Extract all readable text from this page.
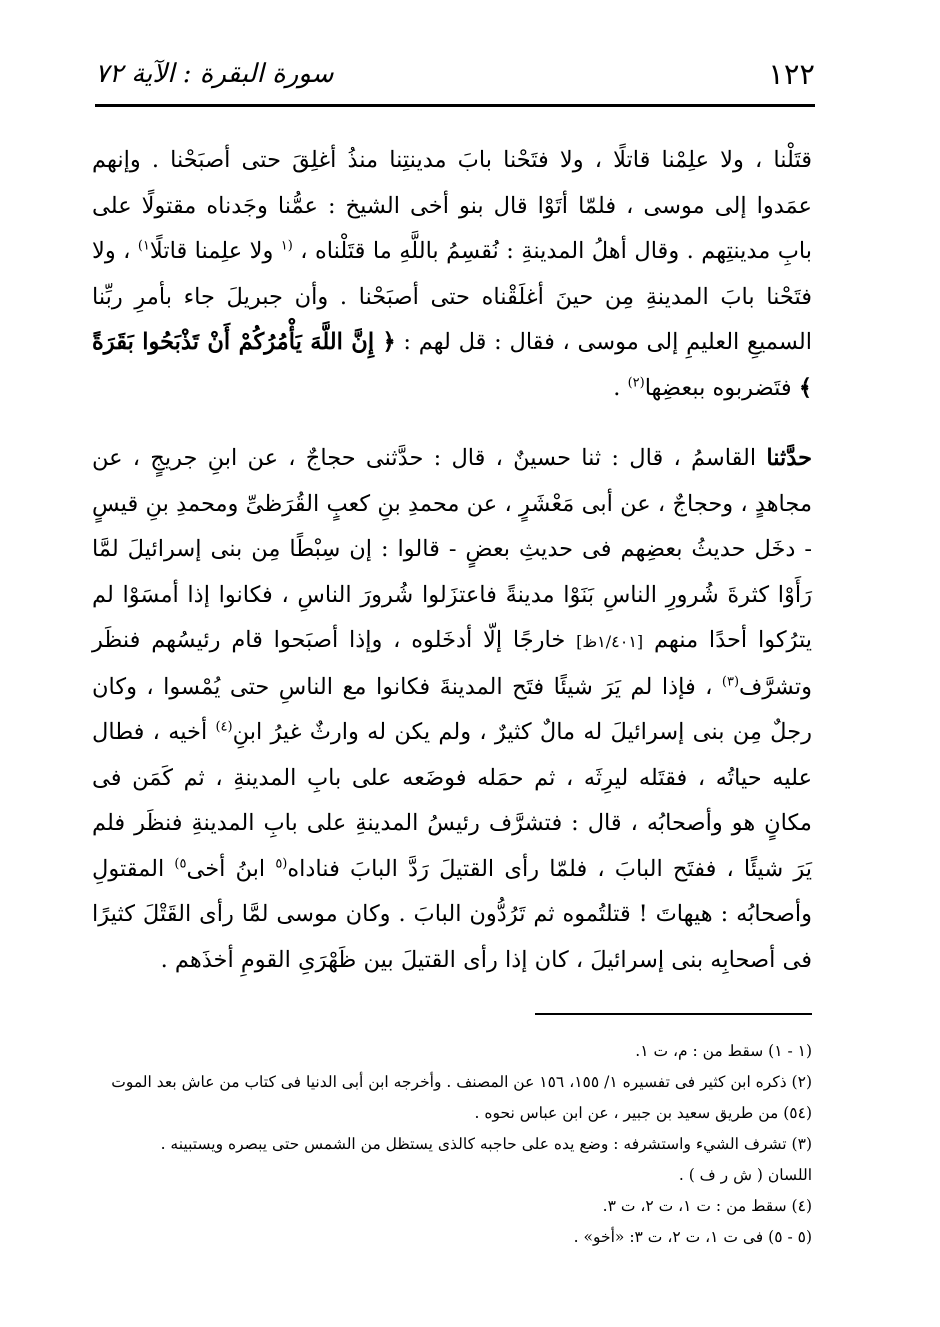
١٢٢
سورة البقرة : الآية ٧٢

قتَلْنا ، ولا علِمْنا قاتلًا ، ولا فتَحْنا بابَ مدينتِنا منذُ أغلِقَ حتى أصبَحْنا . وإنهم عمَدوا إلى موسى ، فلمّا أتَوْا قال بنو أخى الشيخ : عمُّنا وجَدناه مقتولًا على بابِ مدينتِهم . وقال أهلُ المدينةِ : نُقسِمُ باللَّهِ ما قتَلْناه ، $^{(١}$ ولا علِمنا قاتلًا$^{١)}$ ، ولا فتَحْنا بابَ المدينةِ مِن حينَ أغلَقْناه حتى أصبَحْنا . وأن جبريلَ جاء بأمرِ ربِّنا السميعِ العليمِ إلى موسى ، فقال : قل لهم : ﴿ إِنَّ اللَّهَ يَأْمُرُكُمْ أَنْ تَذْبَحُوا بَقَرَةً ﴾ فتَضربوه ببعضِها$^{(٢)}$ .

حدَّثنا القاسمُ ، قال : ثنا حسينٌ ، قال : حدَّثنى حجاجٌ ، عن ابنِ جريجٍ ، عن مجاهدٍ ، وحجاجٌ ، عن أبى مَعْشَرٍ ، عن محمدِ بنِ كعبٍ القُرَظىِّ ومحمدِ بنِ قيسٍ - دخَل حديثُ بعضِهم فى حديثِ بعضٍ - قالوا : إن سِبْطًا مِن بنى إسرائيلَ لمَّا رَأَوْا كثرةَ شُرورِ الناسِ بَنَوْا مدينةً فاعتزَلوا شُرورَ الناسِ ، فكانوا إذا أمسَوْا لم يترُكوا أحدًا منهم [١/٤٠١ظ] خارجًا إلّا أدخَلوه ، وإذا أصبَحوا قام رئيسُهم فنظَر وتشرَّف$^{(٣)}$ ، فإذا لم يَرَ شيئًا فتَح المدينةَ فكانوا مع الناسِ حتى يُمْسوا ، وكان رجلٌ مِن بنى إسرائيلَ له مالٌ كثيرٌ ، ولم يكن له وارثٌ غيرُ ابنِ$^{(٤)}$ أخيه ، فطال عليه حياتُه ، فقتَله ليرِثَه ، ثم حمَله فوضَعه على بابِ المدينةِ ، ثم كَمَن فى مكانٍ هو وأصحابُه ، قال : فتشرَّف رئيسُ المدينةِ على بابِ المدينةِ فنظَر فلم يَرَ شيئًا ، ففتَح البابَ ، فلمّا رأى القتيلَ رَدَّ البابَ فناداه$^{(٥}$ ابنُ أخى$^{٥)}$ المقتولِ وأصحابُه : هيهاتَ ! قتلتُموه ثم تَرُدُّون البابَ . وكان موسى لمَّا رأى القَتْلَ كثيرًا فى أصحابِه بنى إسرائيلَ ، كان إذا رأى القتيلَ بين ظَهْرَىِ القومِ أخذَهم .

(١ - ١) سقط من : م، ت ١.

(٢) ذكره ابن كثير فى تفسيره ١/ ١٥٥، ١٥٦ عن المصنف . وأخرجه ابن أبى الدنيا فى كتاب من عاش بعد الموت

(٥٤) من طريق سعيد بن جبير ، عن ابن عباس نحوه .

(٣) تشرف الشيء واستشرفه : وضع يده على حاجبه كالذى يستظل من الشمس حتى يبصره ويستبينه .

اللسان ( ش ر ف ) .

(٤) سقط من : ت ١، ت ٢، ت ٣.

(٥ - ٥) فى ت ١، ت ٢، ت ٣: «أخو» .
